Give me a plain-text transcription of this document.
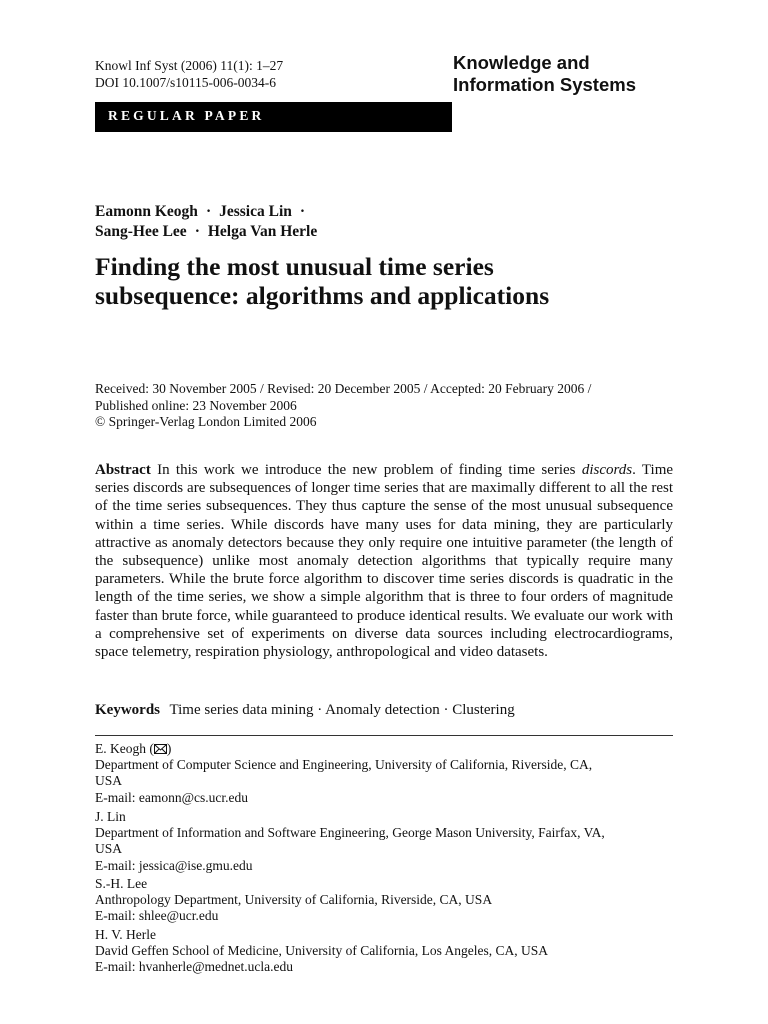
Knowl Inf Syst (2006) 11(1): 1–27
DOI 10.1007/s10115-006-0034-6
Knowledge and
Information Systems
REGULAR PAPER
Eamonn Keogh · Jessica Lin ·
Sang-Hee Lee · Helga Van Herle
Finding the most unusual time series
subsequence: algorithms and applications
Received: 30 November 2005 / Revised: 20 December 2005 / Accepted: 20 February 2006 /
Published online: 23 November 2006
© Springer-Verlag London Limited 2006
Abstract In this work we introduce the new problem of finding time series discords. Time series discords are subsequences of longer time series that are maximally different to all the rest of the time series subsequences. They thus capture the sense of the most unusual subsequence within a time series. While discords have many uses for data mining, they are particularly attractive as anomaly detectors because they only require one intuitive parameter (the length of the subsequence) unlike most anomaly detection algorithms that typically require many parameters. While the brute force algorithm to discover time series discords is quadratic in the length of the time series, we show a simple algorithm that is three to four orders of magnitude faster than brute force, while guaranteed to produce identical results. We evaluate our work with a comprehensive set of experiments on diverse data sources including electrocardiograms, space telemetry, respiration physiology, anthropological and video datasets.
Keywords Time series data mining · Anomaly detection · Clustering
E. Keogh ( )
Department of Computer Science and Engineering, University of California, Riverside, CA,
USA
E-mail: eamonn@cs.ucr.edu
J. Lin
Department of Information and Software Engineering, George Mason University, Fairfax, VA,
USA
E-mail: jessica@ise.gmu.edu
S.-H. Lee
Anthropology Department, University of California, Riverside, CA, USA
E-mail: shlee@ucr.edu
H. V. Herle
David Geffen School of Medicine, University of California, Los Angeles, CA, USA
E-mail: hvanherle@mednet.ucla.edu
